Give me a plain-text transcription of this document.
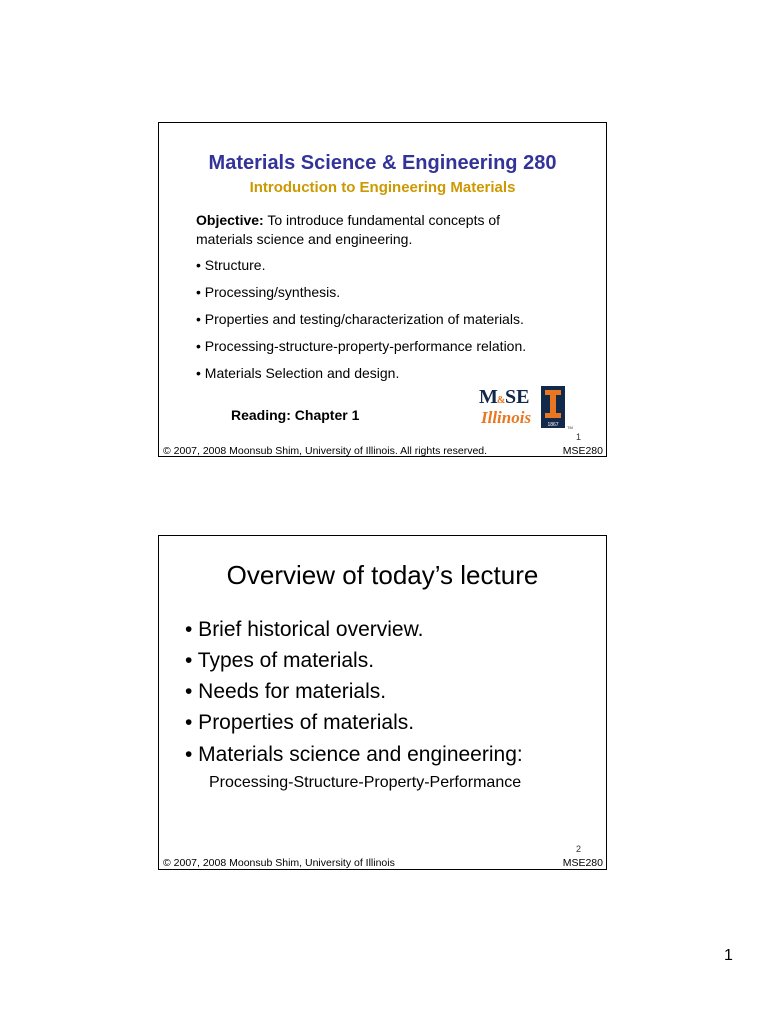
Materials Science & Engineering 280
Introduction to Engineering Materials
Objective: To introduce fundamental concepts of materials science and engineering.
• Structure.
• Processing/synthesis.
• Properties and testing/characterization of materials.
• Processing-structure-property-performance relation.
• Materials Selection and design.
Reading: Chapter 1
M & SE
Illinois	1867 TM
1
© 2007, 2008 Moonsub Shim, University of Illinois. All rights reserved.	MSE280
Overview of today’s lecture
• Brief historical overview.
• Types of materials.
• Needs for materials.
• Properties of materials.
• Materials science and engineering:
Processing-Structure-Property-Performance
2
© 2007, 2008 Moonsub Shim, University of Illinois	MSE280
1
